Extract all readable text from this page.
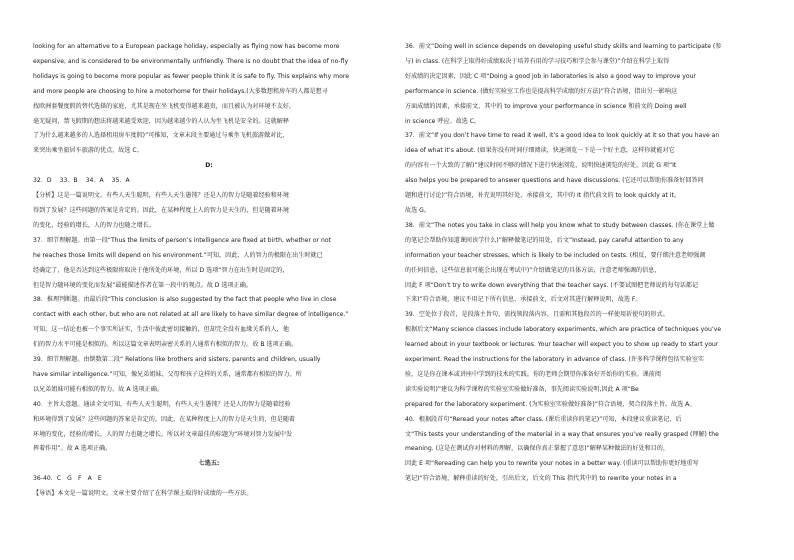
looking for an alternative to a European package holiday, especially as flying now has become more

expensive, and is considered to be environmentally unfriendly. There is no doubt that the idea of no-fly

holidays is going to become more popular as fewer people think it is safe to fly. This explains why more

and more people are choosing to hire a motorhome for their holidays.(大多数想租房车的人都是想寻

找欧洲套餐度假的替代选择的家庭，尤其是现在坐飞机变得越来越贵，而且被认为对环境不友好。

毫无疑问，禁飞假期的想法将越来越受欢迎，因为越来越少的人认为坐飞机是安全的。这就解释

了为什么越来越多的人选择租用房车度假)”可推知，文章末段主要通过与乘坐飞机旅游做对比，

来突出乘坐旅居车旅游的优点，故选 C。

D:

32．D　 33．B　 34．A　 35．A

【分析】这是一篇说明文。有些人天生聪明，有些人天生愚钝？还是人的智力是随着经验和环境

得到了发展？这些问题的答案是肯定的。因此，在某种程度上人的智力是天生的，但是随着环境

的变化，经验的增长，人的智力也随之增长。

37．细节理解题。由第一段“Thus the limits of person’s intelligence are fixed at birth, whether or not

he reaches those limits will depend on his environment.”可知，因此，人的智力的极限在出生时就已

经确定了，他是否达到这些极限将取决于他所处的环境，所以 D 选项“智力在出生时是固定的，

但是智力随环境的变化而发展”最能描述作者在第一段中的观点。故 D 选项正确。

38．推理判断题。由最后段“This conclusion is also suggested by the fact that people who live in close

contact with each other, but who are not related at all are likely to have similar degree of intelligence.”

可知，这一结论也被一个事实所证实，生活中彼此密切接触的，但却完全没有血缘关系的人，他

们的智力水平可能是相似的。所以这篇文章表明亲密关系的人通常有相似的智力。故 B 选项正确。

39．细节理解题。由倒数第二段“ Relations like brothers and sisters, parents and children, usually

have similar intelligence.”可知，像兄弟姐妹、父母和孩子这样的关系，通常都有相似的智力。所

以兄弟姐妹可能有相似的智力。故 A 选项正确。

40．主旨大意题。通读全文可知，有些人天生聪明，有些人天生愚钝？还是人的智力是随着经验

和环境得到了发展？这些问题的答案是肯定的。因此，在某种程度上人的智力是天生的，但是随着

环境的变化，经验的增长，人的智力也随之增长。所以对文章最佳的标题为“环境对智力发展中发

挥着作用”。故 A 选项正确。

七选五:

36-40．C　G　F　A　E

【导语】本文是一篇说明文。文章主要介绍了在科学课上取得好成绩的一些方法。

36．前文“Doing well in science depends on developing useful study skills and learning to participate (参

与) in class. (在科学上取得好成绩取决于培养有用的学习技巧和学会参与课堂)”介绍在科学上取得

好成绩的决定因素，因此 C 项“Doing a good job in laboratories is also a good way to improve your

performance in science. (做好实验室工作也是提高科学成绩的好方法)”符合语境，指出另一影响这

方面成绩的因素，承接前文，其中的 to improve your performance in science 和前文的 Doing well

in science 呼应。故选 C。

37．前文“If you don’t have time to read it well, it’s a good idea to look quickly at it so that you have an

idea of what it’s about. (如果你没有时间仔细阅读，快速浏览一下是一个好主意，这样你就能对它

的内容有一个大致的了解)”建议时间不够的情况下进行快速浏览，说明快速浏览的好处，因此 G 项“It

also helps you be prepared to answer questions and have discussions. (它还可以帮助你准备好回答问

题和进行讨论)”符合语境，补充说明其好处，承接前文，其中的 It 指代前文的 to look quickly at it。

故选 G。

38．前文“The notes you take in class will help you know what to study between classes. (你在课堂上做

的笔记会帮助你知道课间该学什么)”解释做笔记的用处，后文“Instead, pay careful attention to any

information your teacher stresses, which is likely to be included on tests. (相反，要仔细注意老师强调

的任何信息，这些信息很可能会出现在考试中)”介绍做笔记的具体方法，注意老师强调的信息，

因此 F 项“Don’t try to write down everything that the teacher says. (不要试图把老师说的每句话都记

下来)”符合语境，建议不用记下所有信息，承接前文，后文对其进行解释说明，故选 F。

39．空处位于段首，是段落主旨句，需找领段落内容，且需和其他段首的一样使用祈使句的形式。

根据后文“Many science classes include laboratory experiments, which are practice of techniques you’ve

learned about in your textbook or lectures. Your teacher will expect you to show up ready to start your

experiment. Read the instructions for the laboratory in advance of class. (许多科学课程包括实验室实

验，这是你在课本或讲座中学到的技术的实践。你的老师会期望你准备好开始你的实验。课前阅

读实验说明)”建议为科学课程的实验室实验做好准备，事先阅读实验说明,因此 A 项“Be

prepared for the laboratory experiment. (为实验室实验做好准备)”符合语境，契合段落主旨。故选 A。

40．根据段首句“Reread your notes after class. (课后重读你的笔记)”可知，本段建议重读笔记，后

文“This tests your understanding of the material in a way that ensures you’ve really grasped (理解) the

meaning. (这是在测试你对材料的理解，以确保你真正掌握了意思)”解释某种做法的好处和目的，

因此 E 项“Rereading can help you to rewrite your notes in a better way. (重读可以帮助你更好地重写

笔记)”符合语境，解释重读的好处，引出后文，后文的 This 指代其中的 to rewrite your notes in a
